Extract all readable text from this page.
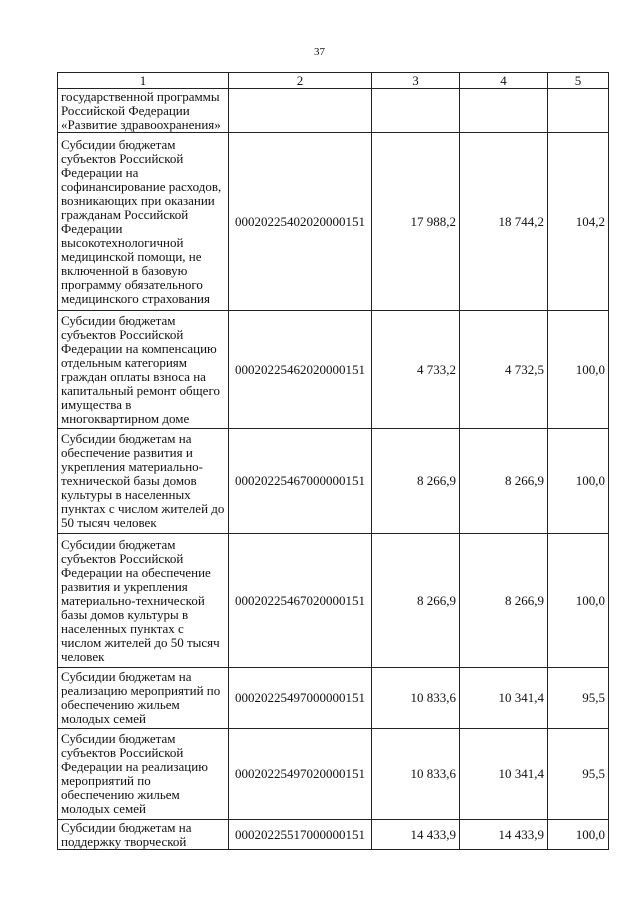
37
1	2	3	4	5
государственной программы Российской Федерации «Развитие здравоохранения»				
Субсидии бюджетам субъектов Российской Федерации на софинансирование расходов, возникающих при оказании гражданам Российской Федерации высокотехнологичной медицинской помощи, не включенной в базовую программу обязательного медицинского страхования	00020225402020000151	17 988,2	18 744,2	104,2
Субсидии бюджетам субъектов Российской Федерации на компенсацию отдельным категориям граждан оплаты взноса на капитальный ремонт общего имущества в многоквартирном доме	00020225462020000151	4 733,2	4 732,5	100,0
Субсидии бюджетам на обеспечение развития и укрепления материально-технической базы домов культуры в населенных пунктах с числом жителей до 50 тысяч человек	00020225467000000151	8 266,9	8 266,9	100,0
Субсидии бюджетам субъектов Российской Федерации на обеспечение развития и укрепления материально-технической базы домов культуры в населенных пунктах с числом жителей до 50 тысяч человек	00020225467020000151	8 266,9	8 266,9	100,0
Субсидии бюджетам на реализацию мероприятий по обеспечению жильем молодых семей	00020225497000000151	10 833,6	10 341,4	95,5
Субсидии бюджетам субъектов Российской Федерации на реализацию мероприятий по обеспечению жильем молодых семей	00020225497020000151	10 833,6	10 341,4	95,5
Субсидии бюджетам на поддержку творческой	00020225517000000151	14 433,9	14 433,9	100,0
